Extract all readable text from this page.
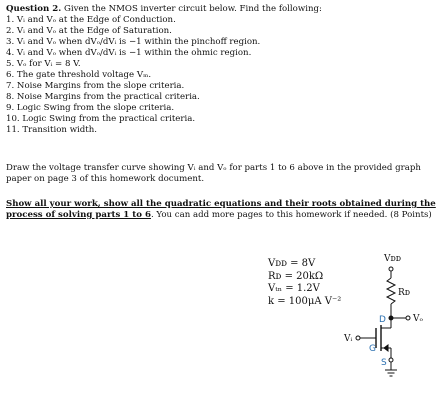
Question 2. Given the NMOS inverter circuit below. Find the following:
1. Vᵢ and Vₒ at the Edge of Conduction.
2. Vᵢ and Vₒ at the Edge of Saturation.
3. Vᵢ and Vₒ when dVₒ/dVᵢ is −1 within the pinchoff region.
4. Vᵢ and Vₒ when dVₒ/dVᵢ is −1 within the ohmic region.
5. Vₒ for Vᵢ = 8 V.
6. The gate threshold voltage Vₘ.
7. Noise Margins from the slope criteria.
8. Noise Margins from the practical criteria.
9. Logic Swing from the slope criteria.
10. Logic Swing from the practical criteria.
11. Transition width.
Draw the voltage transfer curve showing Vᵢ and Vₒ for parts 1 to 6 above in the provided graph
paper on page 3 of this homework document.
Show all your work, show all the quadratic equations and their roots obtained during the
process of solving parts 1 to 6. You can add more pages to this homework if needed. (8 Points)
Vᴅᴅ = 8V
Rᴅ = 20kΩ
Vₜₙ = 1.2V
k = 100μA V⁻²
Vᴅᴅ
Rᴅ
D	Vₒ
Vᵢ
G
S
